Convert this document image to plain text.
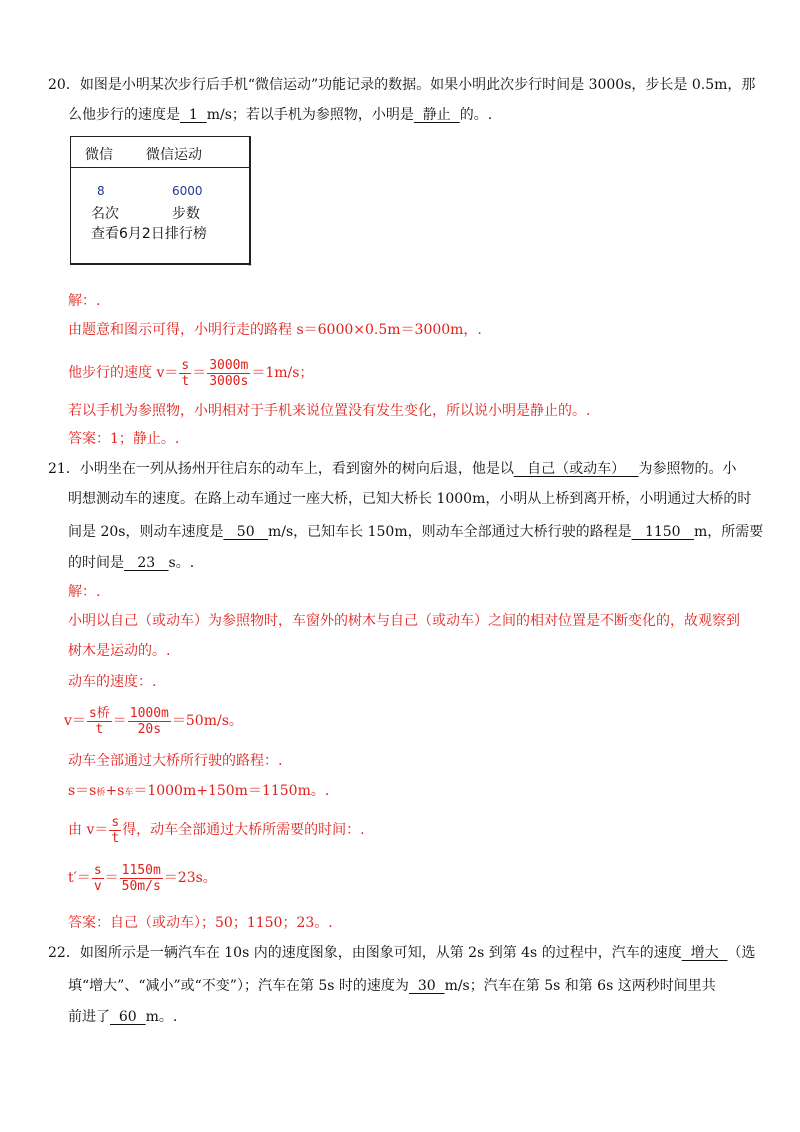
20．如图是小明某次步行后手机“微信运动”功能记录的数据。如果小明此次步行时间是 3000s，步长是 0.5m，那
么他步行的速度是  1  m/s；若以手机为参照物，小明是  静止  的。.
微信 微信运动
8	6000
名次	步数
查看6月2日排行榜
。
解：.
由题意和图示可得，小明行走的路程 s＝6000×0.5m＝3000m，.
他步行的速度 $v= \frac{s}{t} = \frac{3000m}{3000s} =1m/s$；
若以手机为参照物，小明相对于手机来说位置没有发生变化，所以说小明是静止的。.
答案：1；静止。.
21．小明坐在一列从扬州开往启东的动车上，看到窗外的树向后退，他是以   自己（或动车）   为参照物的。小
明想测动车的速度。在路上动车通过一座大桥，已知大桥长 1000m，小明从上桥到离开桥，小明通过大桥的时
间是 20s，则动车速度是   50   m/s，已知车长 150m，则动车全部通过大桥行驶的路程是   1150   m，所需要
的时间是   23   s。.
解：.
小明以自己（或动车）为参照物时，车窗外的树木与自己（或动车）之间的相对位置是不断变化的，故观察到
树木是运动的。.
动车的速度：.
$v= \frac{\text{s桥}}{t} = \frac{1000m}{20s} =50m/s$。
动车全部通过大桥所行驶的路程：.
s＝s桥+s车＝1000m+150m＝1150m。.
由 $v= \frac{s}{t}$ 得，动车全部通过大桥所需要的时间：.
$t'= \frac{s}{v} = \frac{1150m}{50m/s} =23s$。
答案：自己（或动车）；50；1150；23。.
22．如图所示是一辆汽车在 10s 内的速度图象，由图象可知，从第 2s 到第 4s 的过程中，汽车的速度  增大  （选
填“增大”、“减小”或“不变”）；汽车在第 5s 时的速度为  30  m/s；汽车在第 5s 和第 6s 这两秒时间里共
前进了  60  m。.
